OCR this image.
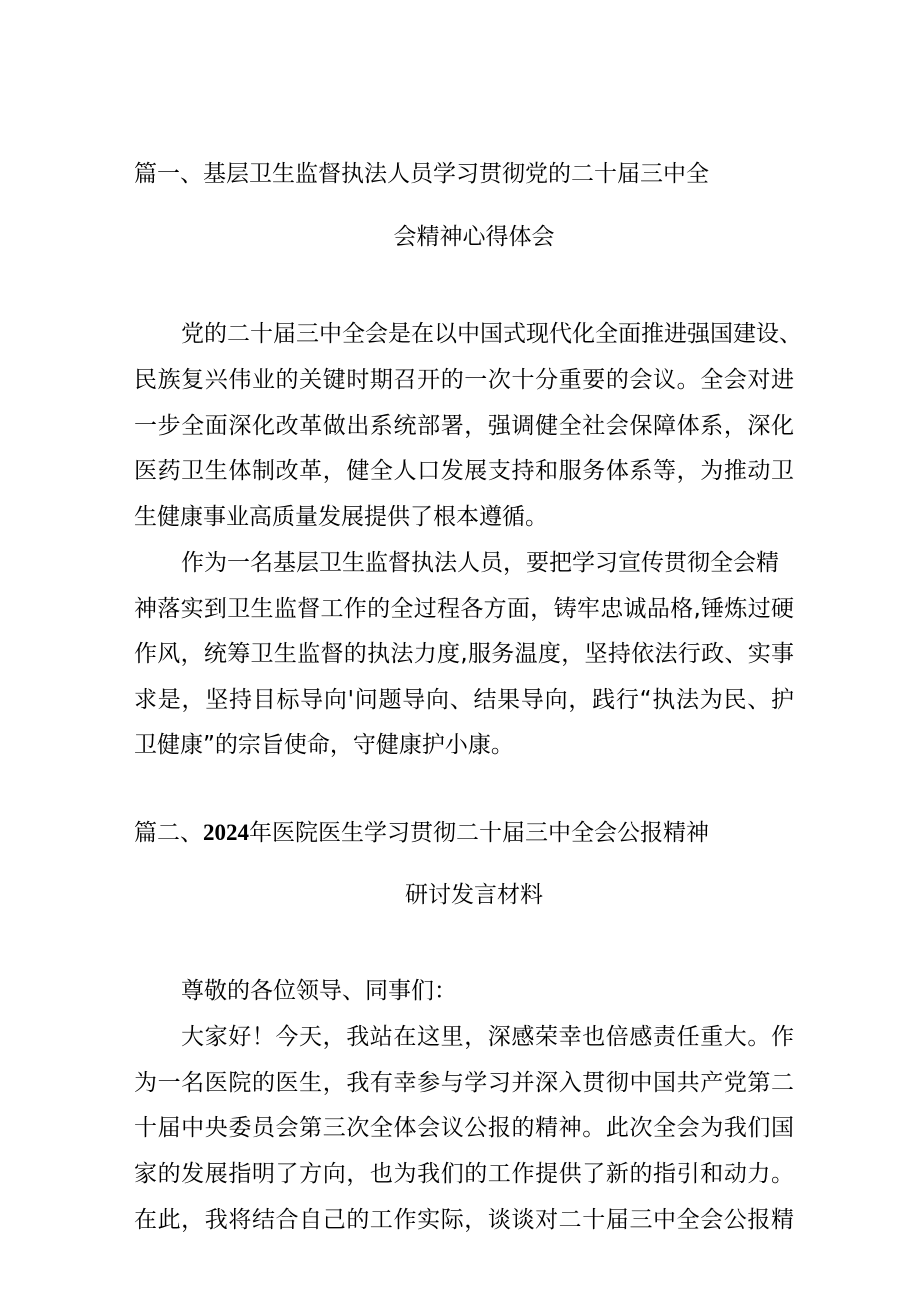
篇一、基层卫生监督执法人员学习贯彻党的二十届三中全
会精神心得体会
党的二十届三中全会是在以中国式现代化全面推进强国建设、
民族复兴伟业的关键时期召开的一次十分重要的会议。全会对进
一步全面深化改革做出系统部署，强调健全社会保障体系，深化
医药卫生体制改革，健全人口发展支持和服务体系等，为推动卫
生健康事业高质量发展提供了根本遵循。
作为一名基层卫生监督执法人员，要把学习宣传贯彻全会精
神落实到卫生监督工作的全过程各方面，铸牢忠诚品格,锤炼过硬
作风，统筹卫生监督的执法力度,服务温度，坚持依法行政、实事
求是，坚持目标导向'问题导向、结果导向，践行“执法为民、护
卫健康”的宗旨使命，守健康护小康。
篇二、2024年医院医生学习贯彻二十届三中全会公报精神
研讨发言材料
尊敬的各位领导、同事们：
大家好！今天，我站在这里，深感荣幸也倍感责任重大。作
为一名医院的医生，我有幸参与学习并深入贯彻中国共产党第二
十届中央委员会第三次全体会议公报的精神。此次全会为我们国
家的发展指明了方向，也为我们的工作提供了新的指引和动力。
在此，我将结合自己的工作实际，谈谈对二十届三中全会公报精
